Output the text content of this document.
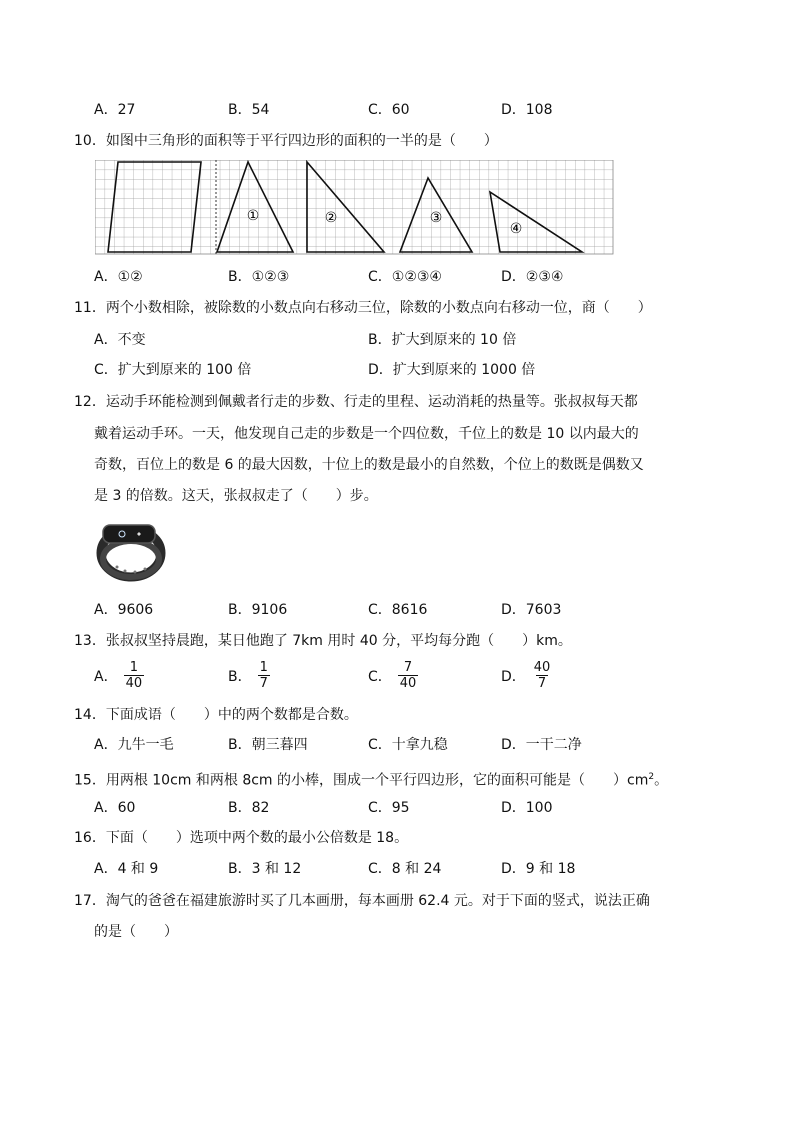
A．27	B．54	C．60	D．108
10．如图中三角形的面积等于平行四边形的面积的一半的是（　　）
①	②	③
④
A．①②	B．①②③	C．①②③④	D．②③④
11．两个小数相除，被除数的小数点向右移动三位，除数的小数点向右移动一位，商（　　）
A．不变	B．扩大到原来的 10 倍
C．扩大到原来的 100 倍	D．扩大到原来的 1000 倍
12．运动手环能检测到佩戴者行走的步数、行走的里程、运动消耗的热量等。张叔叔每天都
戴着运动手环。一天，他发现自己走的步数是一个四位数，千位上的数是 10 以内最大的
奇数，百位上的数是 6 的最大因数，十位上的数是最小的自然数，个位上的数既是偶数又
是 3 的倍数。这天，张叔叔走了（　　）步。
A．9606	B．9106	C．8616	D．7603
13．张叔叔坚持晨跑，某日他跑了 7km 用时 40 分，平均每分跑（　　）km。
A． $\frac{1}{40}$	B． $\frac{1}{7}$	C． $\frac{7}{40}$	D． $\frac{40}{7}$
14．下面成语（　　）中的两个数都是合数。
A．九牛一毛	B．朝三暮四	C．十拿九稳	D．一干二净
15．用两根 10cm 和两根 8cm 的小棒，围成一个平行四边形，它的面积可能是（　　）$cm^2$。
A．60	B．82	C．95	D．100
16．下面（　　）选项中两个数的最小公倍数是 18。
A．4 和 9	B．3 和 12	C．8 和 24	D．9 和 18
17．淘气的爸爸在福建旅游时买了几本画册，每本画册 62.4 元。对于下面的竖式，说法正确
的是（　　）
